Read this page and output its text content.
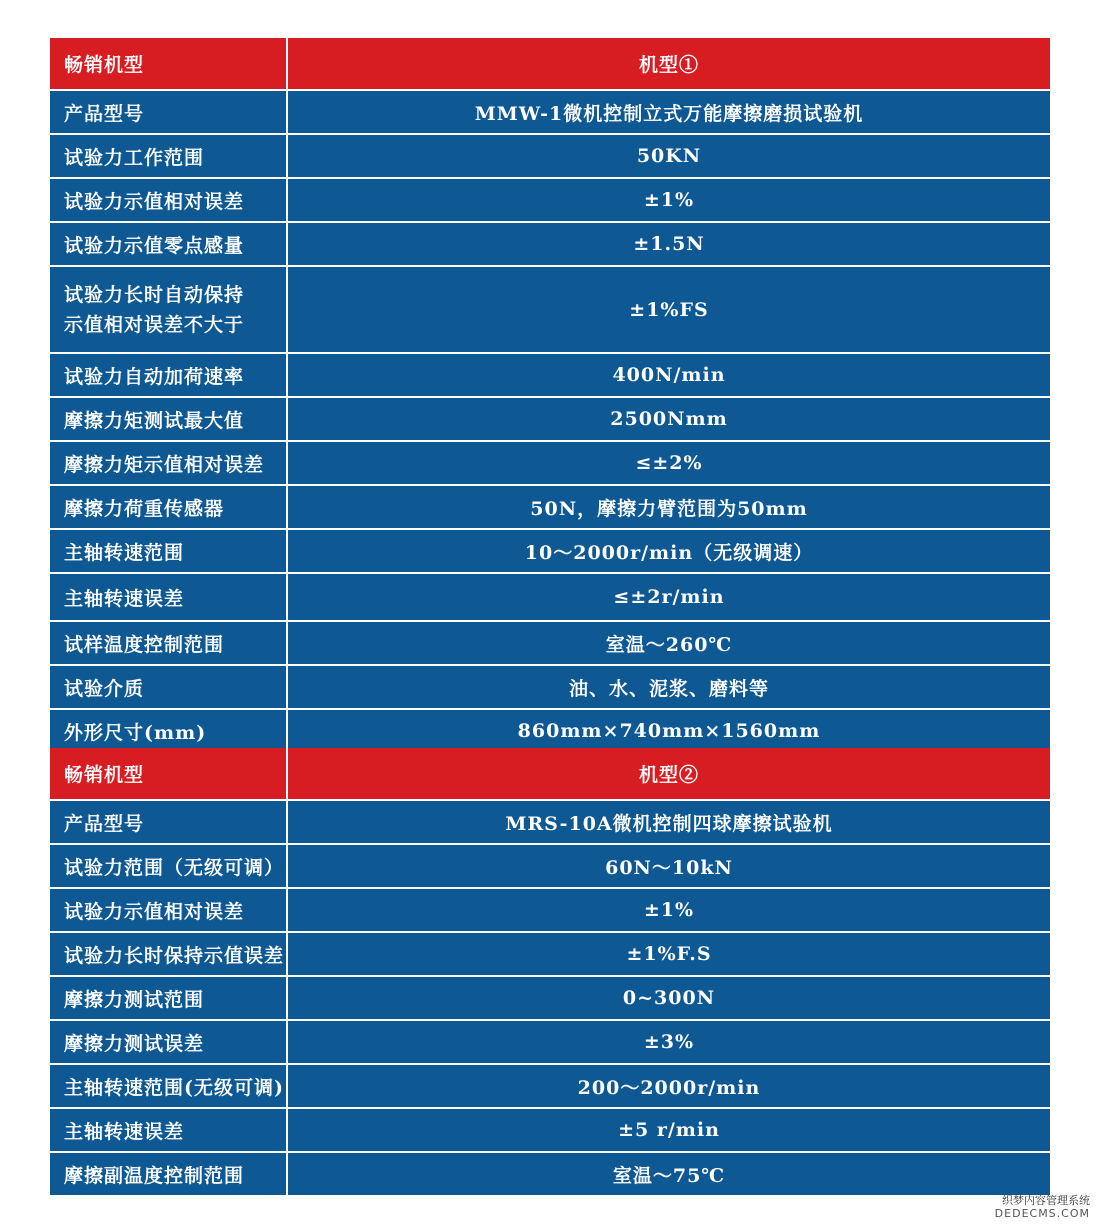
畅销机型	机型①
产品型号	MMW-1微机控制立式万能摩擦磨损试验机
试验力工作范围	50KN
试验力示值相对误差	±1%
试验力示值零点感量	±1.5N
试验力长时自动保持
示值相对误差不大于	±1%FS
试验力自动加荷速率	400N/min
摩擦力矩测试最大值	2500Nmm
摩擦力矩示值相对误差	≤±2%
摩擦力荷重传感器	50N，摩擦力臂范围为50mm
主轴转速范围	10～2000r/min（无级调速）
主轴转速误差	≤±2r/min
试样温度控制范围	室温～260℃
试验介质	油、水、泥浆、磨料等
外形尺寸(mm)	860mm×740mm×1560mm
畅销机型	机型②
产品型号	MRS-10A微机控制四球摩擦试验机
试验力范围（无级可调）	60N～10kN
试验力示值相对误差	±1%
试验力长时保持示值误差	±1%F.S
摩擦力测试范围	0~300N
摩擦力测试误差	±3%
主轴转速范围(无级可调)	200～2000r/min
主轴转速误差	±5 r/min
摩擦副温度控制范围	室温～75℃
织梦内容管理系统
DEDECMS.COM
